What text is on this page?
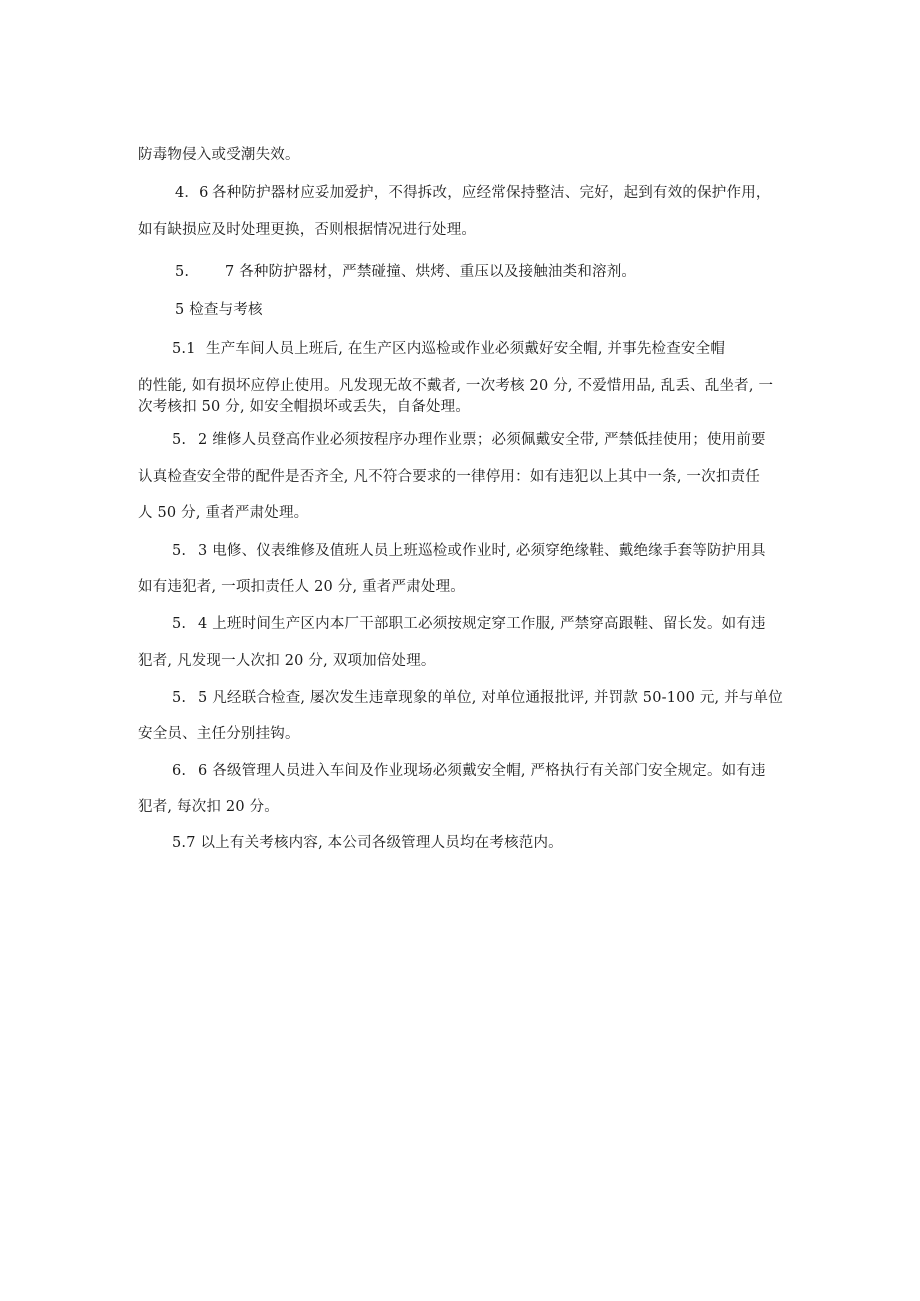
防毒物侵入或受潮失效。
4．6 各种防护器材应妥加爱护，不得拆改，应经常保持整洁、完好，起到有效的保护作用，
如有缺损应及时处理更换，否则根据情况进行处理。
5. 7 各种防护器材，严禁碰撞、烘烤、重压以及接触油类和溶剂。
5 检查与考核
5.1 生产车间人员上班后, 在生产区内巡检或作业必须戴好安全帽, 并事先检查安全帽
的性能, 如有损坏应停止使用。凡发现无故不戴者, 一次考核 20 分, 不爱惜用品, 乱丢、乱坐者, 一
次考核扣 50 分, 如安全帽损坏或丢失，自备处理。
5. 2 维修人员登高作业必须按程序办理作业票；必须佩戴安全带, 严禁低挂使用；使用前要
认真检查安全带的配件是否齐全, 凡不符合要求的一律停用：如有违犯以上其中一条, 一次扣责任
人 50 分, 重者严肃处理。
5. 3 电修、仪表维修及值班人员上班巡检或作业时, 必须穿绝缘鞋、戴绝缘手套等防护用具
如有违犯者, 一项扣责任人 20 分, 重者严肃处理。
5. 4 上班时间生产区内本厂干部职工必须按规定穿工作服, 严禁穿高跟鞋、留长发。如有违
犯者, 凡发现一人次扣 20 分, 双项加倍处理。
5. 5 凡经联合检查, 屡次发生违章现象的单位, 对单位通报批评, 并罚款 50-100 元, 并与单位
安全员、主任分别挂钩。
6. 6 各级管理人员进入车间及作业现场必须戴安全帽, 严格执行有关部门安全规定。如有违
犯者, 每次扣 20 分。
5.7 以上有关考核内容, 本公司各级管理人员均在考核范内。
